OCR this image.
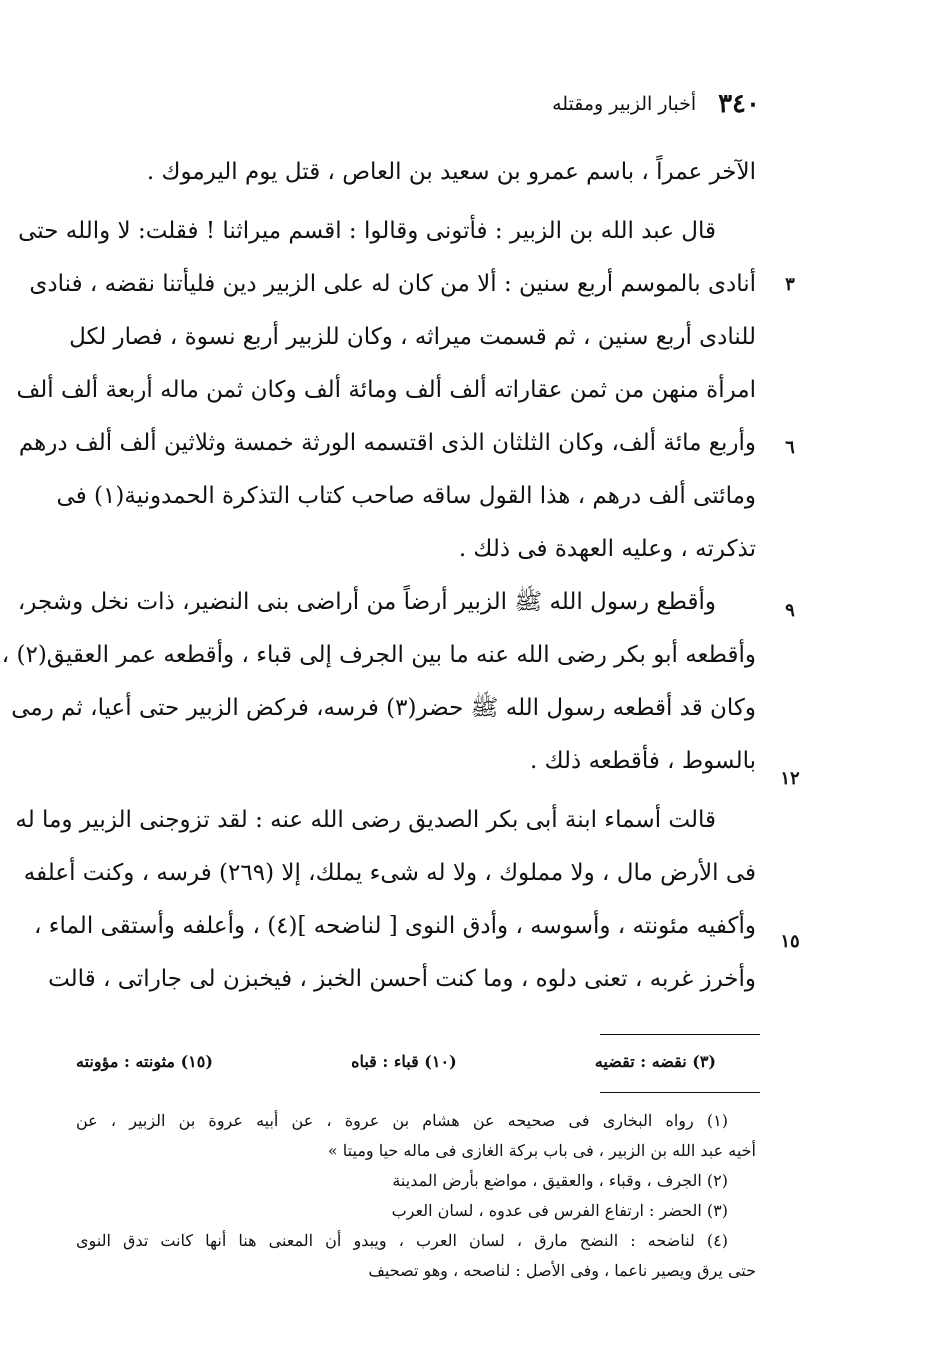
٣٤٠
أخبار الزبير ومقتله
الآخر عمراً ، باسم عمرو بن سعيد بن العاص ، قتل يوم اليرموك .
قال عبد الله بن الزبير : فأتونى وقالوا : اقسم ميراثنا ! فقلت: لا والله حتى
أنادى بالموسم أربع سنين : ألا من كان له على الزبير دين فليأتنا نقضه ، فنادى
للنادى أربع سنين ، ثم قسمت ميراثه ، وكان للزبير أربع نسوة ، فصار لكل
امرأة منهن من ثمن عقاراته ألف ألف ومائة ألف وكان ثمن ماله أربعة ألف ألف
وأربع مائة ألف، وكان الثلثان الذى اقتسمه الورثة خمسة وثلاثين ألف ألف درهم
ومائتى ألف درهم ، هذا القول ساقه صاحب كتاب التذكرة الحمدونية(١) فى
تذكرته ، وعليه العهدة فى ذلك .
وأقطع رسول الله ﷺ الزبير أرضاً من أراضى بنى النضير، ذات نخل وشجر،
وأقطعه أبو بكر رضى الله عنه ما بين الجرف إلى قباء ، وأقطعه عمر العقيق(٢) ،
وكان قد أقطعه رسول الله ﷺ حضر(٣) فرسه، فركض الزبير حتى أعيا، ثم رمى
بالسوط ، فأقطعه ذلك .
قالت أسماء ابنة أبى بكر الصديق رضى الله عنه : لقد تزوجنى الزبير وما له
فى الأرض مال ، ولا مملوك ، ولا له شىء يملك، إلا (٢٦٩) فرسه ، وكنت أعلفه
وأكفيه مئونته ، وأسوسه ، وأدق النوى [ لناضحه ](٤) ، وأعلفه وأستقى الماء ،
وأخرز غربه ، تعنى دلوه ، وما كنت أحسن الخبز ، فيخبزن لى جاراتى ، قالت
٣
٦
٩
١٢
١٥
(٣) نقضه : تقضيه
(١٠) قباء : قباه
(١٥) مثونته : مؤونته
(١) رواه البخارى فى صحيحه عن هشام بن عروة ، عن أبيه عروة بن الزبير ، عن
أخيه عبد الله بن الزبير ، فى باب بركة الغازى فى ماله حيا وميتا »
(٢) الجرف ، وقباء ، والعقيق ، مواضع بأرض المدينة
(٣) الحضر : ارتفاع الفرس فى عدوه ، لسان العرب
(٤) لناضحه : النضح مارق ، لسان العرب ، ويبدو أن المعنى هنا أنها كانت تدق النوى
حتى يرق ويصير ناعما ، وفى الأصل : لناصحه ، وهو تصحيف
